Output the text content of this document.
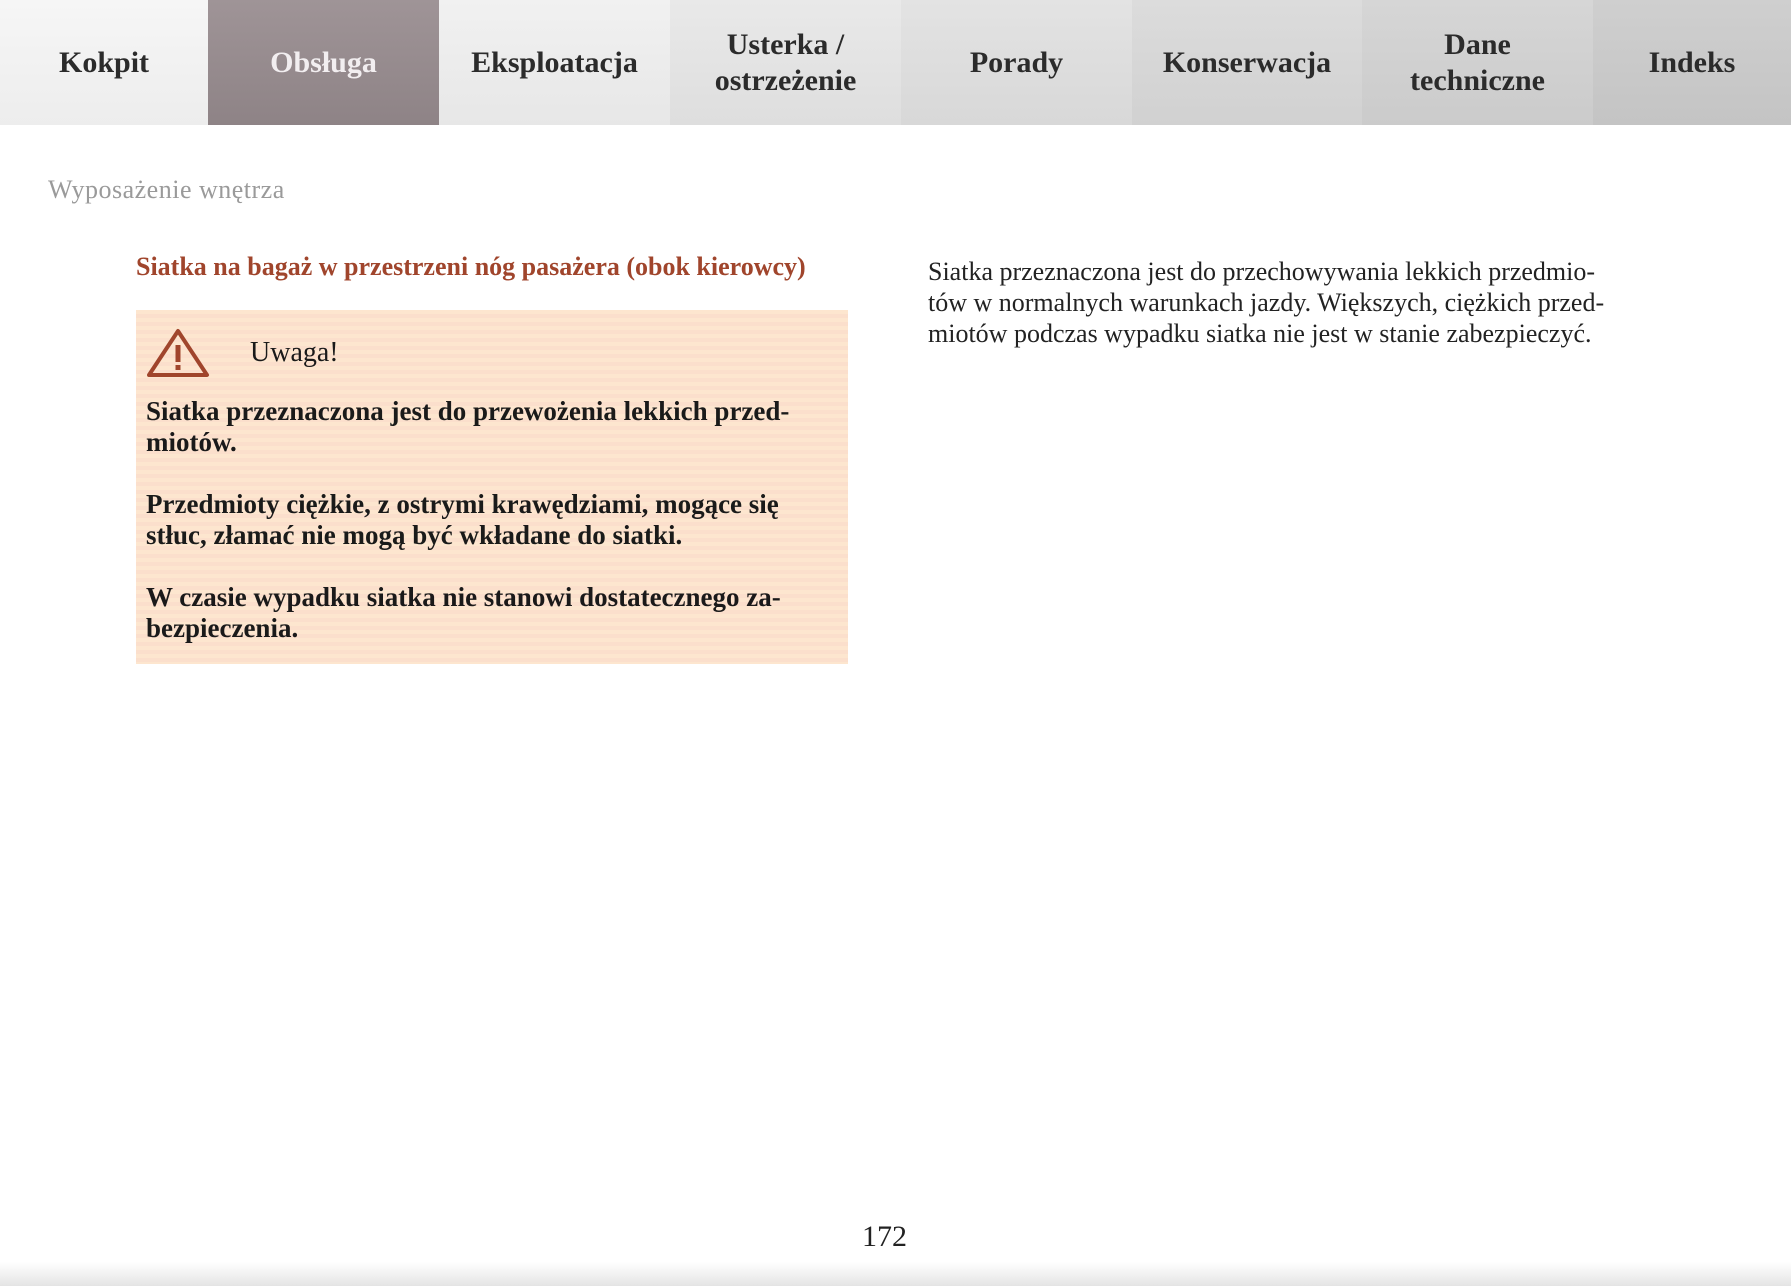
Kokpit	Obsługa	Eksploatacja
Usterka /
ostrzeżenie
Porady	Konserwacja
Dane
techniczne
Indeks
Wyposażenie wnętrza
Siatka na bagaż w przestrzeni nóg pasażera (obok kierowcy)
Uwaga!

Siatka przeznaczona jest do przewożenia lekkich przed-
miotów.

Przedmioty ciężkie, z ostrymi krawędziami, mogące się
stłuc, złamać nie mogą być wkładane do siatki.

W czasie wypadku siatka nie stanowi dostatecznego za-
bezpieczenia.

Siatka przeznaczona jest do przechowywania lekkich przedmio-
tów w normalnych warunkach jazdy. Większych, ciężkich przed-
miotów podczas wypadku siatka nie jest w stanie zabezpieczyć.

172
